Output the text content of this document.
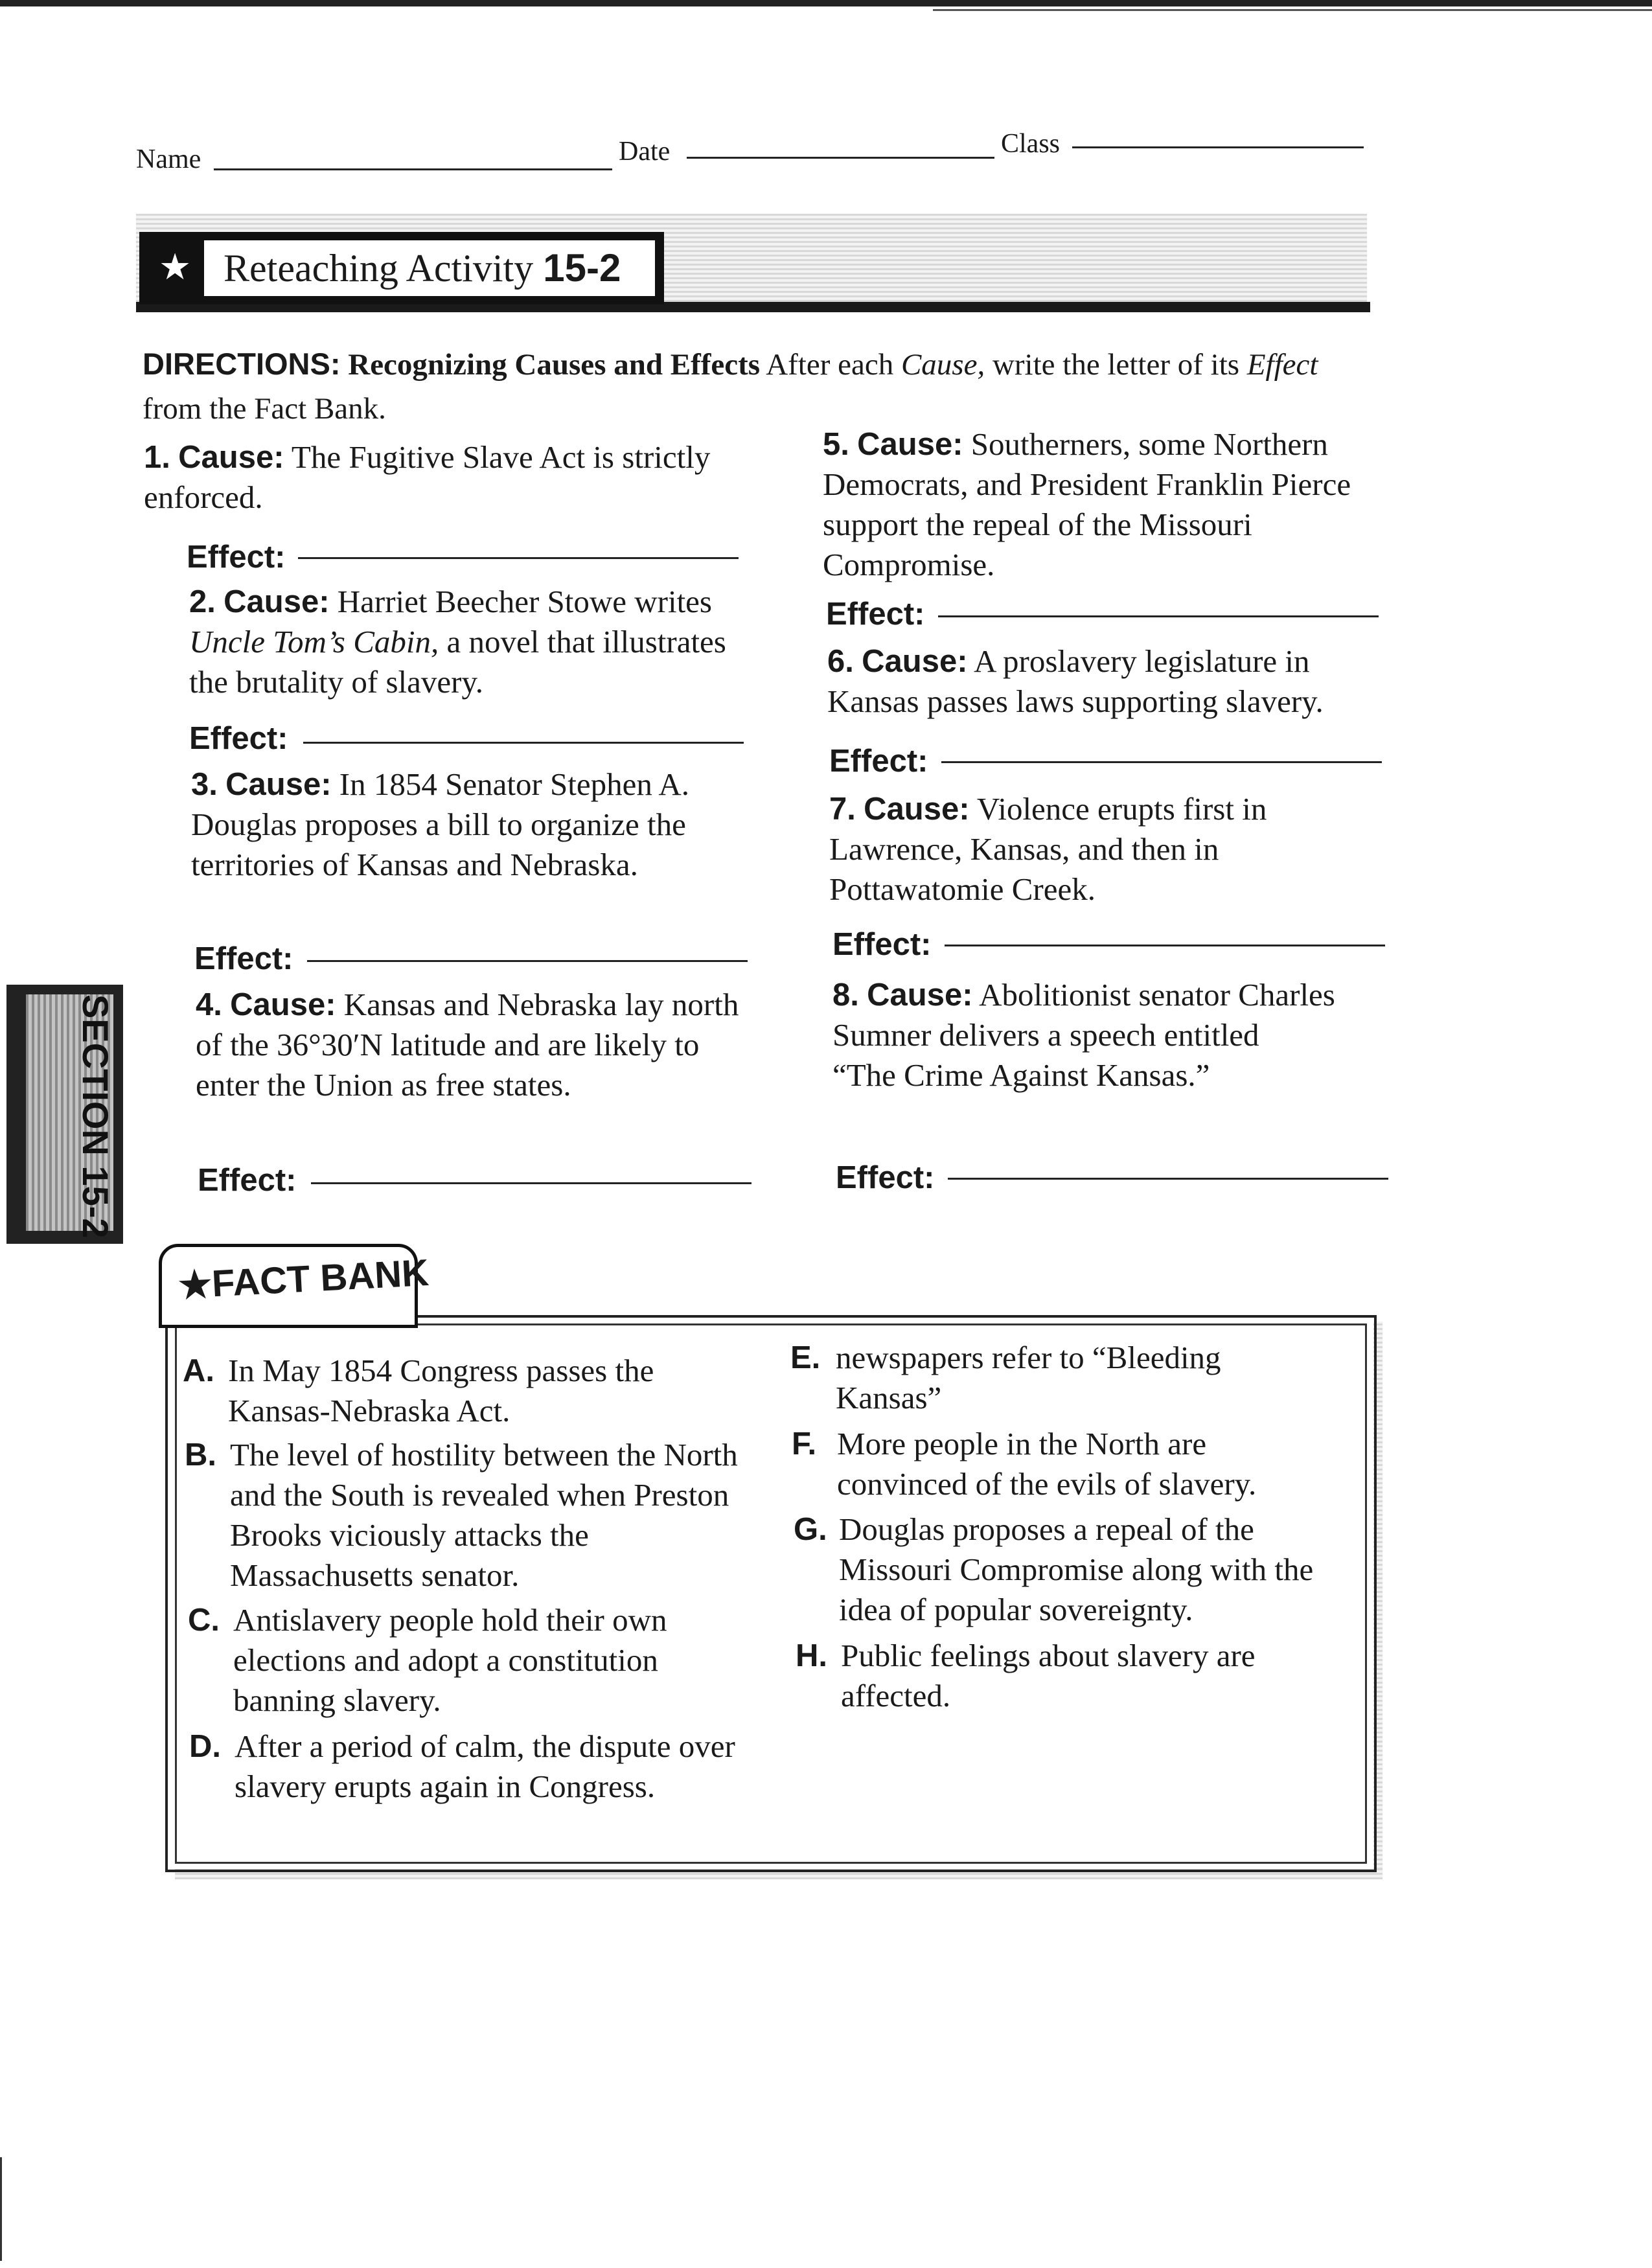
Name	Date	Class
★ Reteaching Activity 15-2
DIRECTIONS: Recognizing Causes and Effects After each Cause, write the letter of its Effect from the Fact Bank.
1. Cause: The Fugitive Slave Act is strictly enforced.
Effect:
2. Cause: Harriet Beecher Stowe writes Uncle Tom’s Cabin, a novel that illustrates the brutality of slavery.
Effect:
3. Cause: In 1854 Senator Stephen A. Douglas proposes a bill to organize the territories of Kansas and Nebraska.
Effect:
4. Cause: Kansas and Nebraska lay north of the 36°30′N latitude and are likely to enter the Union as free states.
Effect:
5. Cause: Southerners, some Northern Democrats, and President Franklin Pierce support the repeal of the Missouri Compromise.
Effect:
6. Cause: A proslavery legislature in Kansas passes laws supporting slavery.
Effect:
7. Cause: Violence erupts first in Lawrence, Kansas, and then in Pottawatomie Creek.
Effect:
8. Cause: Abolitionist senator Charles Sumner delivers a speech entitled
“The Crime Against Kansas.”
Effect:
SECTION 15-2
★FACT BANK
A. In May 1854 Congress passes the Kansas-Nebraska Act.
B. The level of hostility between the North and the South is revealed when Preston Brooks viciously attacks the Massachusetts senator.
C. Antislavery people hold their own elections and adopt a constitution banning slavery.
D. After a period of calm, the dispute over slavery erupts again in Congress.
E. newspapers refer to “Bleeding Kansas”
F. More people in the North are convinced of the evils of slavery.
G. Douglas proposes a repeal of the Missouri Compromise along with the idea of popular sovereignty.
H. Public feelings about slavery are affected.
